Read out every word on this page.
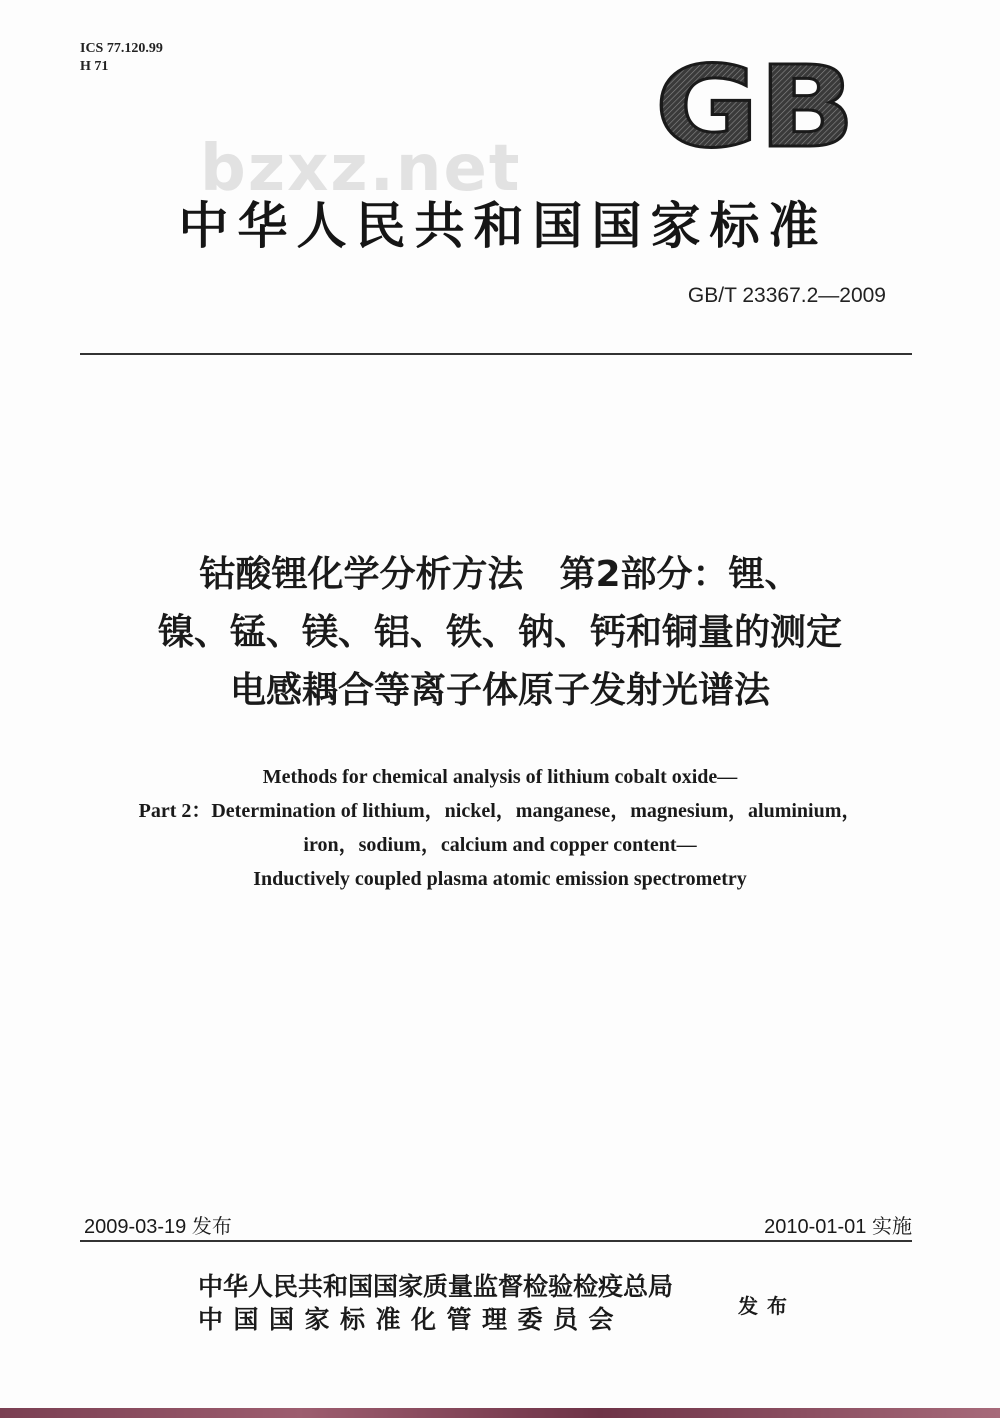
ICS 77.120.99
H 71	GB
bzxz.net
中华人民共和国国家标准
GB/T 23367.2—2009
钴酸锂化学分析方法　第2部分：锂、
镍、锰、镁、铝、铁、钠、钙和铜量的测定
电感耦合等离子体原子发射光谱法
Methods for chemical analysis of lithium cobalt oxide—
Part 2：Determination of lithium，nickel，manganese，magnesium，aluminium，
iron，sodium，calcium and copper content—
Inductively coupled plasma atomic emission spectrometry
2009-03-19 发布	2010-01-01 实施
中华人民共和国国家质量监督检验检疫总局
中国国家标准化管理委员会	发布
